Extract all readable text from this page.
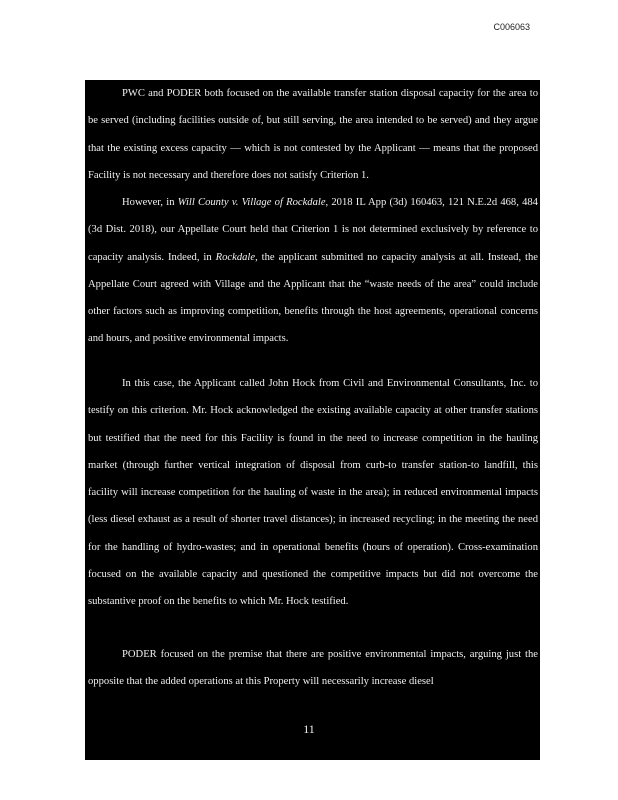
C006063

PWC and PODER both focused on the available transfer station disposal capacity for the area to be served (including facilities outside of, but still serving, the area intended to be served) and they argue that the existing excess capacity — which is not contested by the Applicant — means that the proposed Facility is not necessary and therefore does not satisfy Criterion 1.

However, in Will County v. Village of Rockdale, 2018 IL App (3d) 160463, 121 N.E.2d 468, 484 (3d Dist. 2018), our Appellate Court held that Criterion 1 is not determined exclusively by reference to capacity analysis. Indeed, in Rockdale, the applicant submitted no capacity analysis at all. Instead, the Appellate Court agreed with Village and the Applicant that the “waste needs of the area” could include other factors such as improving competition, benefits through the host agreements, operational concerns and hours, and positive environmental impacts.

In this case, the Applicant called John Hock from Civil and Environmental Consultants, Inc. to testify on this criterion. Mr. Hock acknowledged the existing available capacity at other transfer stations but testified that the need for this Facility is found in the need to increase competition in the hauling market (through further vertical integration of disposal from curb-to transfer station-to landfill, this facility will increase competition for the hauling of waste in the area); in reduced environmental impacts (less diesel exhaust as a result of shorter travel distances); in increased recycling; in the meeting the need for the handling of hydro-wastes; and in operational benefits (hours of operation). Cross-examination focused on the available capacity and questioned the competitive impacts but did not overcome the substantive proof on the benefits to which Mr. Hock testified.

PODER focused on the premise that there are positive environmental impacts, arguing just the opposite that the added operations at this Property will necessarily increase diesel

11
